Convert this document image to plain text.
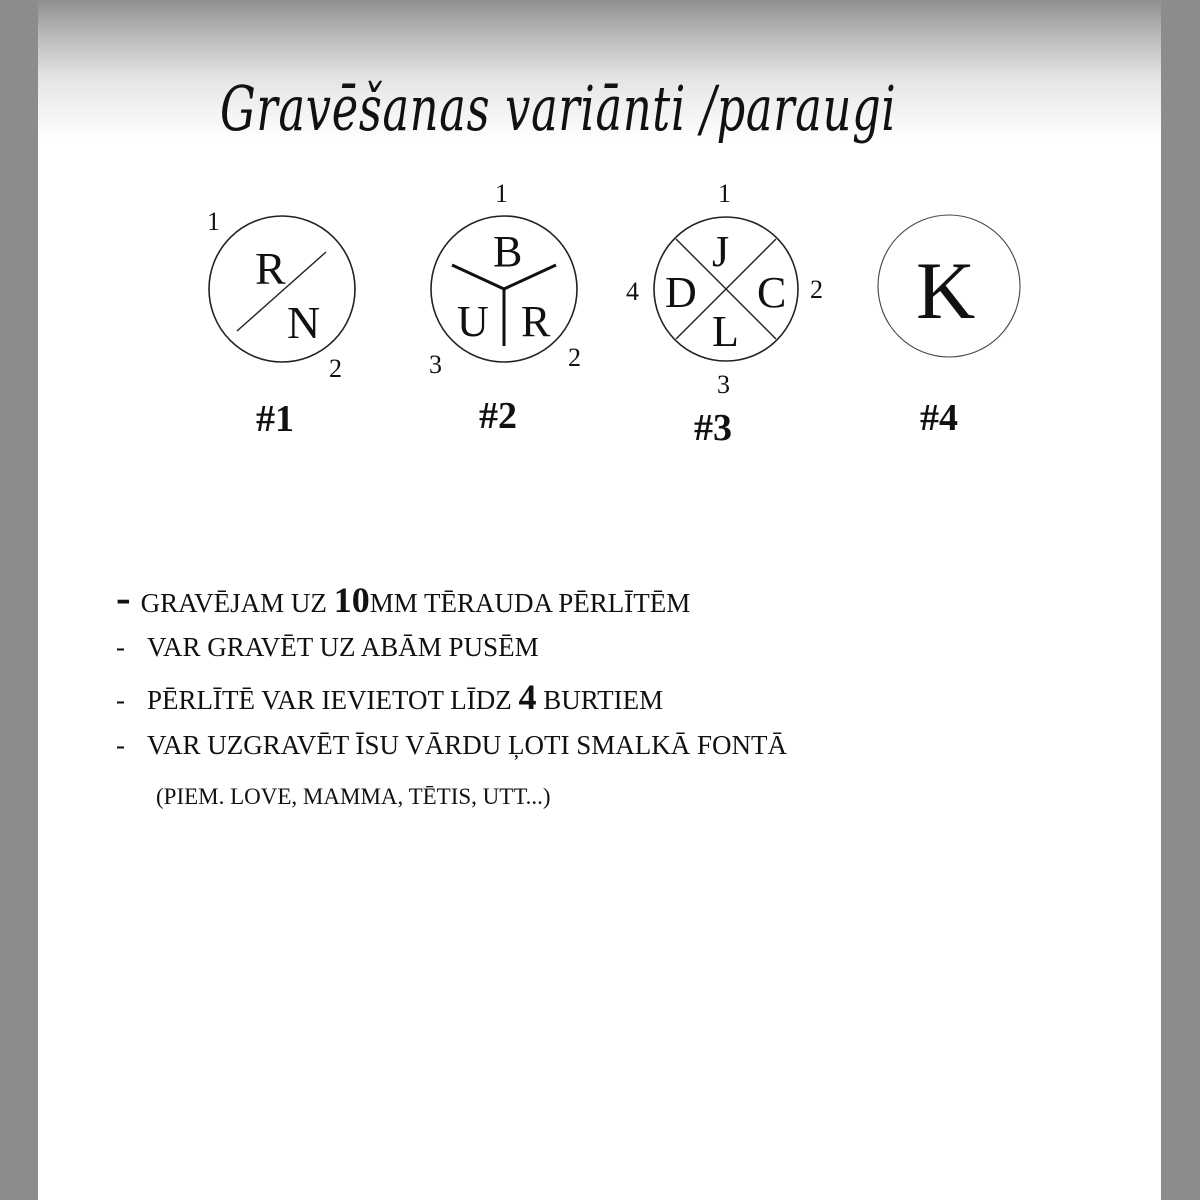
Gravēšanas variānti /paraugi
R
N
1
2
#1
B
U R
1
3	2
#2
J
D C
L
1
4	2
3
#3
K
#4
- GRAVĒJAM UZ 10MM TĒRAUDA PĒRLĪTĒM
- VAR GRAVĒT UZ ABĀM PUSĒM
- PĒRLĪTĒ VAR IEVIETOT LĪDZ 4 BURTIEM
- VAR UZGRAVĒT ĪSU VĀRDU ĻOTI SMALKĀ FONTĀ
(PIEM. LOVE, MAMMA, TĒTIS, UTT...)
